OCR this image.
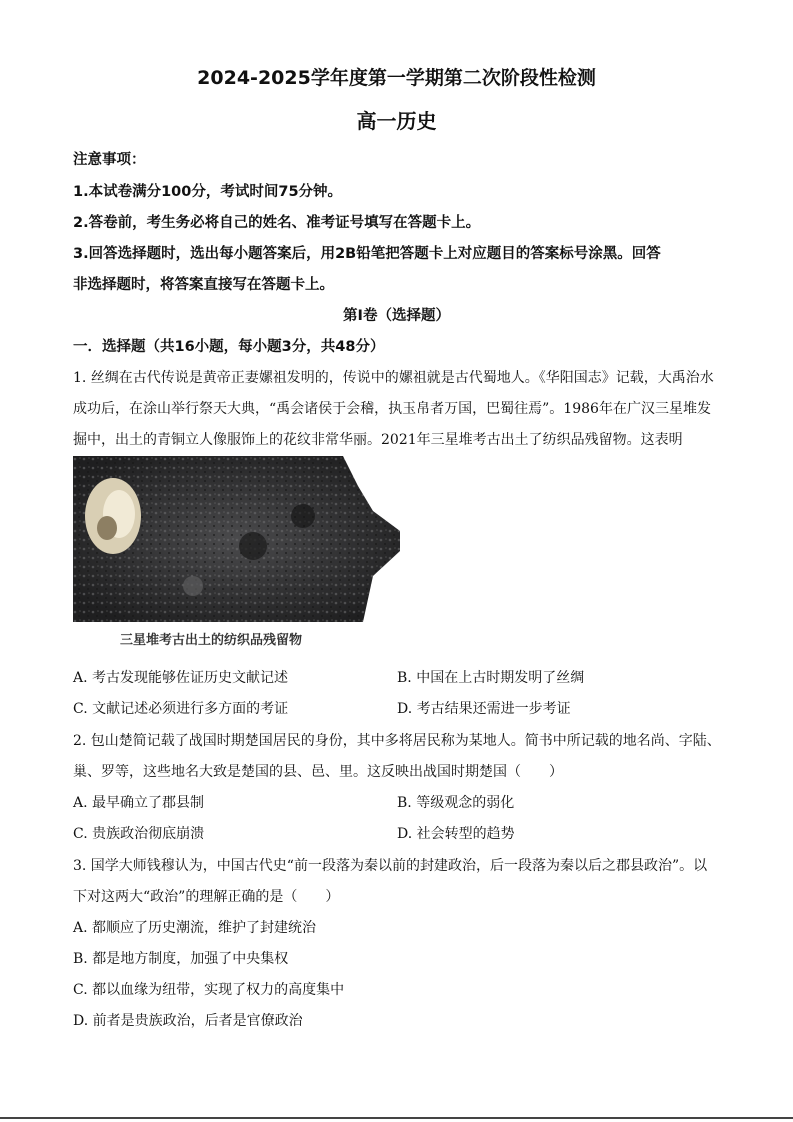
2024-2025学年度第一学期第二次阶段性检测
高一历史
注意事项：
1.本试卷满分100分，考试时间75分钟。
2.答卷前，考生务必将自己的姓名、准考证号填写在答题卡上。
3.回答选择题时，选出每小题答案后，用2B铅笔把答题卡上对应题目的答案标号涂黑。回答
非选择题时，将答案直接写在答题卡上。
第Ⅰ卷（选择题）
一．选择题（共16小题，每小题3分，共48分）
1. 丝绸在古代传说是黄帝正妻嫘祖发明的，传说中的嫘祖就是古代蜀地人。《华阳国志》记载，大禹治水
成功后，在涂山举行祭天大典，“禹会诸侯于会稽，执玉帛者万国，巴蜀往焉”。1986年在广汉三星堆发
掘中，出土的青铜立人像服饰上的花纹非常华丽。2021年三星堆考古出土了纺织品残留物。这表明
三星堆考古出土的纺织品残留物
A. 考古发现能够佐证历史文献记述	B. 中国在上古时期发明了丝绸
C. 文献记述必须进行多方面的考证	D. 考古结果还需进一步考证
2. 包山楚简记载了战国时期楚国居民的身份，其中多将居民称为某地人。简书中所记载的地名尚、字陆、
巢、罗等，这些地名大致是楚国的县、邑、里。这反映出战国时期楚国（　　）
A. 最早确立了郡县制	B. 等级观念的弱化
C. 贵族政治彻底崩溃	D. 社会转型的趋势
3. 国学大师钱穆认为，中国古代史“前一段落为秦以前的封建政治，后一段落为秦以后之郡县政治”。以
下对这两大“政治”的理解正确的是（　　）
A. 都顺应了历史潮流，维护了封建统治
B. 都是地方制度，加强了中央集权
C. 都以血缘为纽带，实现了权力的高度集中
D. 前者是贵族政治，后者是官僚政治
